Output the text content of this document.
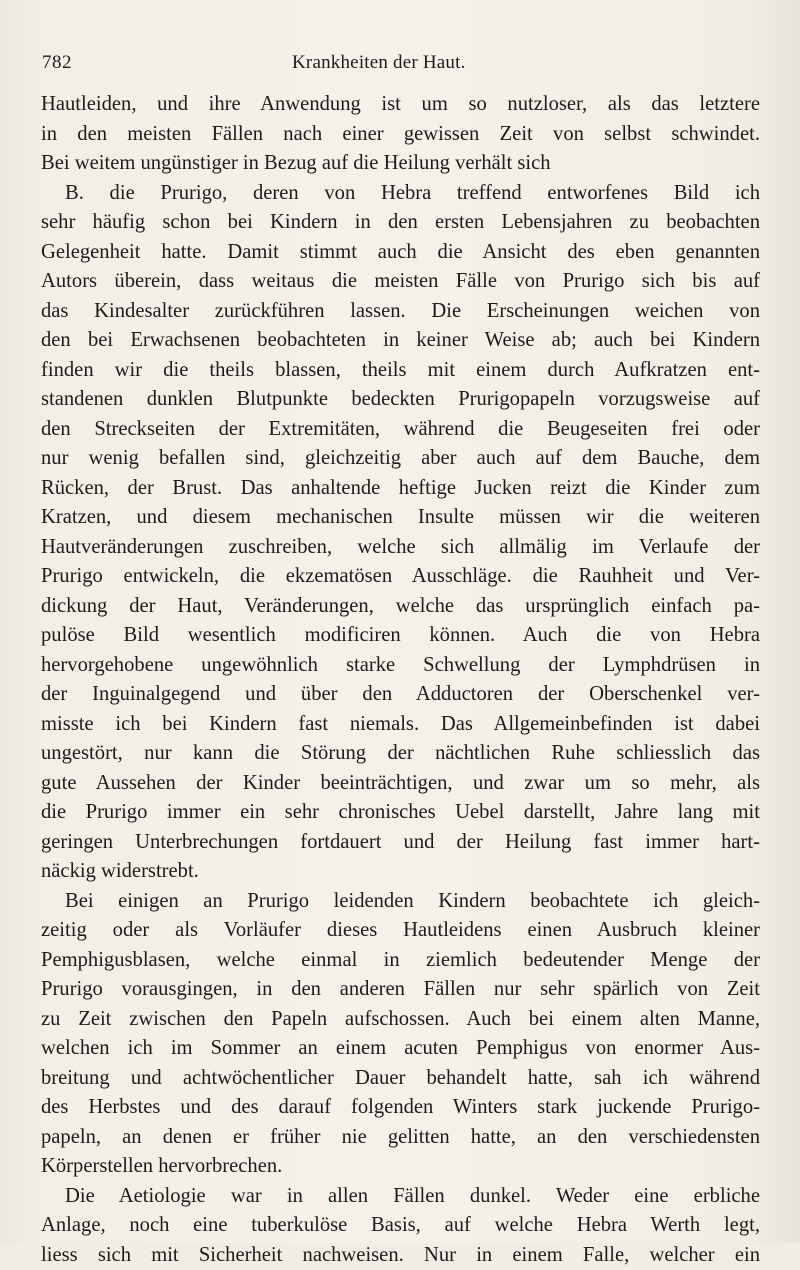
782	Krankheiten der Haut.
Hautleiden, und ihre Anwendung ist um so nutzloser, als das letztere
in den meisten Fällen nach einer gewissen Zeit von selbst schwindet.
Bei weitem ungünstiger in Bezug auf die Heilung verhält sich
B. die Prurigo, deren von Hebra treffend entworfenes Bild ich
sehr häufig schon bei Kindern in den ersten Lebensjahren zu beobachten
Gelegenheit hatte. Damit stimmt auch die Ansicht des eben genannten
Autors überein, dass weitaus die meisten Fälle von Prurigo sich bis auf
das Kindesalter zurückführen lassen. Die Erscheinungen weichen von
den bei Erwachsenen beobachteten in keiner Weise ab; auch bei Kindern
finden wir die theils blassen, theils mit einem durch Aufkratzen ent-
standenen dunklen Blutpunkte bedeckten Prurigopapeln vorzugsweise auf
den Streckseiten der Extremitäten, während die Beugeseiten frei oder
nur wenig befallen sind, gleichzeitig aber auch auf dem Bauche, dem
Rücken, der Brust. Das anhaltende heftige Jucken reizt die Kinder zum
Kratzen, und diesem mechanischen Insulte müssen wir die weiteren
Hautveränderungen zuschreiben, welche sich allmälig im Verlaufe der
Prurigo entwickeln, die ekzematösen Ausschläge. die Rauhheit und Ver-
dickung der Haut, Veränderungen, welche das ursprünglich einfach pa-
pulöse Bild wesentlich modificiren können. Auch die von Hebra
hervorgehobene ungewöhnlich starke Schwellung der Lymphdrüsen in
der Inguinalgegend und über den Adductoren der Oberschenkel ver-
misste ich bei Kindern fast niemals. Das Allgemeinbefinden ist dabei
ungestört, nur kann die Störung der nächtlichen Ruhe schliesslich das
gute Aussehen der Kinder beeinträchtigen, und zwar um so mehr, als
die Prurigo immer ein sehr chronisches Uebel darstellt, Jahre lang mit
geringen Unterbrechungen fortdauert und der Heilung fast immer hart-
näckig widerstrebt.
Bei einigen an Prurigo leidenden Kindern beobachtete ich gleich-
zeitig oder als Vorläufer dieses Hautleidens einen Ausbruch kleiner
Pemphigusblasen, welche einmal in ziemlich bedeutender Menge der
Prurigo vorausgingen, in den anderen Fällen nur sehr spärlich von Zeit
zu Zeit zwischen den Papeln aufschossen. Auch bei einem alten Manne,
welchen ich im Sommer an einem acuten Pemphigus von enormer Aus-
breitung und achtwöchentlicher Dauer behandelt hatte, sah ich während
des Herbstes und des darauf folgenden Winters stark juckende Prurigo-
papeln, an denen er früher nie gelitten hatte, an den verschiedensten
Körperstellen hervorbrechen.
Die Aetiologie war in allen Fällen dunkel. Weder eine erbliche
Anlage, noch eine tuberkulöse Basis, auf welche Hebra Werth legt,
liess sich mit Sicherheit nachweisen. Nur in einem Falle, welcher ein
